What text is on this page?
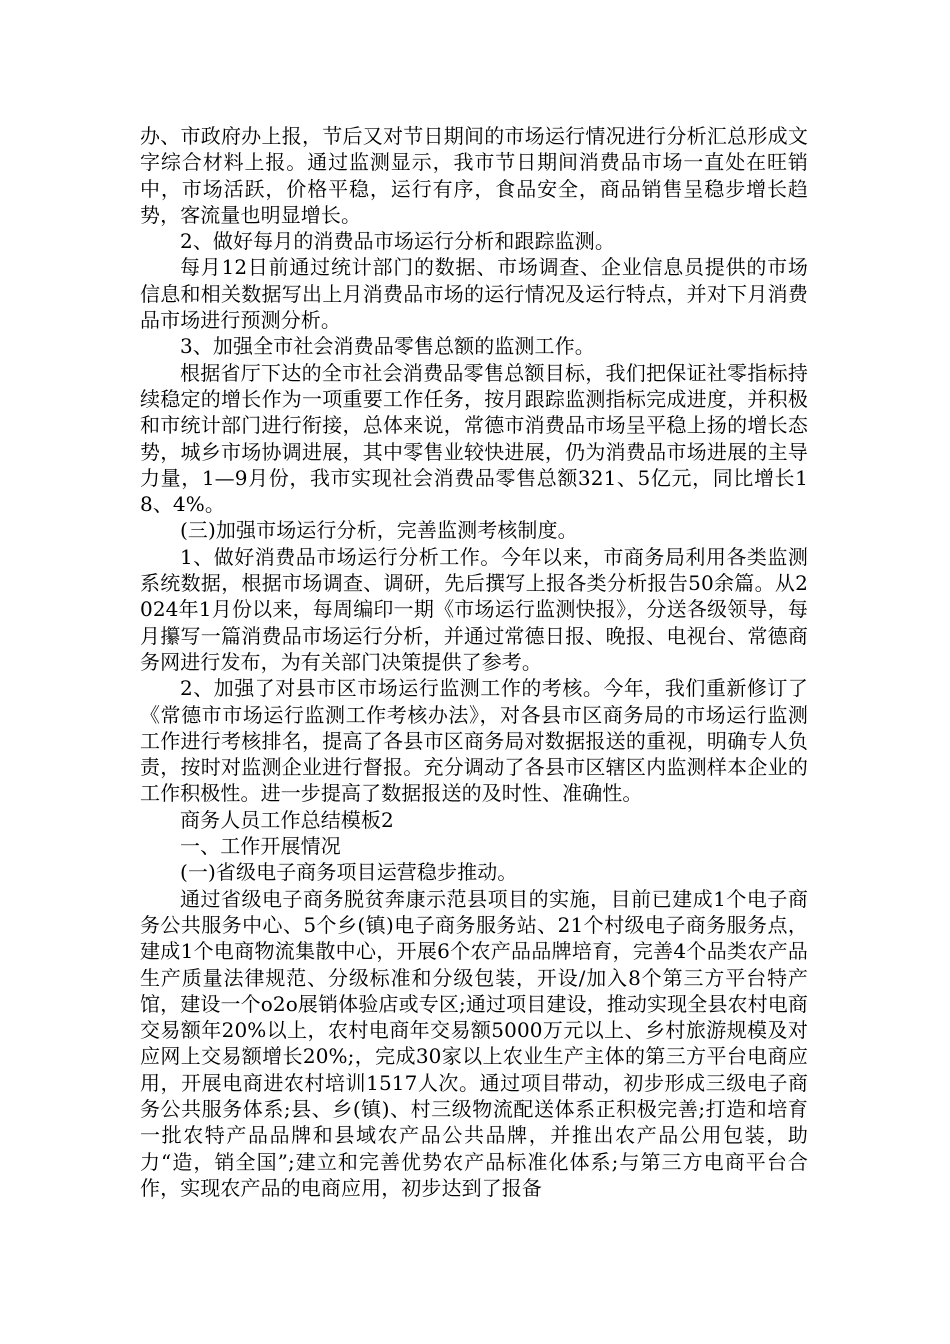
办、市政府办上报，节后又对节日期间的市场运行情况进行分析汇总形成文字综合材料上报。通过监测显示，我市节日期间消费品市场一直处在旺销中，市场活跃，价格平稳，运行有序，食品安全，商品销售呈稳步增长趋势，客流量也明显增长。

2、做好每月的消费品市场运行分析和跟踪监测。

每月12日前通过统计部门的数据、市场调查、企业信息员提供的市场信息和相关数据写出上月消费品市场的运行情况及运行特点，并对下月消费品市场进行预测分析。

3、加强全市社会消费品零售总额的监测工作。

根据省厅下达的全市社会消费品零售总额目标，我们把保证社零指标持续稳定的增长作为一项重要工作任务，按月跟踪监测指标完成进度，并积极和市统计部门进行衔接，总体来说，常德市消费品市场呈平稳上扬的增长态势，城乡市场协调进展，其中零售业较快进展，仍为消费品市场进展的主导力量，1—9月份，我市实现社会消费品零售总额321、5亿元，同比增长18、4%。

(三)加强市场运行分析，完善监测考核制度。

1、做好消费品市场运行分析工作。今年以来，市商务局利用各类监测系统数据，根据市场调查、调研，先后撰写上报各类分析报告50余篇。从2024年1月份以来，每周编印一期《市场运行监测快报》，分送各级领导，每月攥写一篇消费品市场运行分析，并通过常德日报、晚报、电视台、常德商务网进行发布，为有关部门决策提供了参考。

2、加强了对县市区市场运行监测工作的考核。今年，我们重新修订了《常德市市场运行监测工作考核办法》，对各县市区商务局的市场运行监测工作进行考核排名，提高了各县市区商务局对数据报送的重视，明确专人负责，按时对监测企业进行督报。充分调动了各县市区辖区内监测样本企业的工作积极性。进一步提高了数据报送的及时性、准确性。

商务人员工作总结模板2

一、工作开展情况

(一)省级电子商务项目运营稳步推动。

通过省级电子商务脱贫奔康示范县项目的实施，目前已建成1个电子商务公共服务中心、5个乡(镇)电子商务服务站、21个村级电子商务服务点，建成1个电商物流集散中心，开展6个农产品品牌培育，完善4个品类农产品生产质量法律规范、分级标准和分级包装，开设/加入8个第三方平台特产馆，建设一个o2o展销体验店或专区;通过项目建设，推动实现全县农村电商交易额年20%以上，农村电商年交易额5000万元以上、乡村旅游规模及对应网上交易额增长20%;，完成30家以上农业生产主体的第三方平台电商应用，开展电商进农村培训1517人次。通过项目带动，初步形成三级电子商务公共服务体系;县、乡(镇)、村三级物流配送体系正积极完善;打造和培育一批农特产品品牌和县域农产品公共品牌，并推出农产品公用包装，助力“造，销全国”;建立和完善优势农产品标准化体系;与第三方电商平台合作，实现农产品的电商应用，初步达到了报备
